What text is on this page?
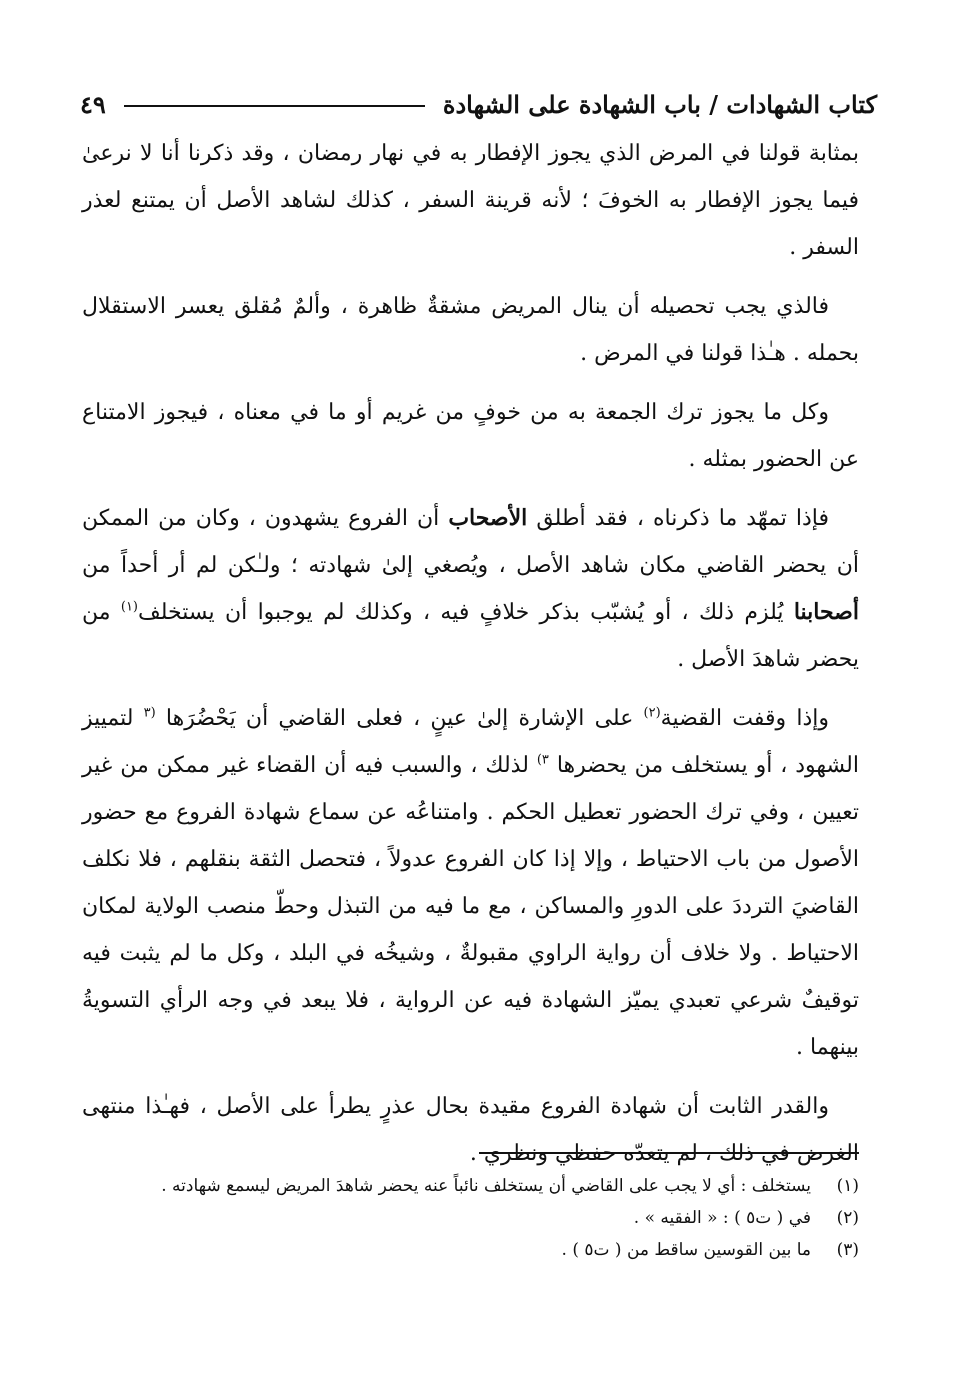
كتاب الشهادات / باب الشهادة على الشهادة
٤٩

بمثابة قولنا في المرض الذي يجوز الإفطار به في نهار رمضان ، وقد ذكرنا أنا لا نرعىٰ فيما يجوز الإفطار به الخوفَ ؛ لأنه قرينة السفر ، كذلك لشاهد الأصل أن يمتنع لعذر السفر .

فالذي يجب تحصيله أن ينال المريض مشقةٌ ظاهرة ، وألمٌ مُقلق يعسر الاستقلال بحمله . هـٰذا قولنا في المرض .

وكل ما يجوز ترك الجمعة به من خوفٍ من غريم أو ما في معناه ، فيجوز الامتناع عن الحضور بمثله .

فإذا تمهّد ما ذكرناه ، فقد أطلق الأصحاب أن الفروع يشهدون ، وكان من الممكن أن يحضر القاضي مكان شاهد الأصل ، ويُصغي إلىٰ شهادته ؛ ولـٰكن لم أر أحداً من أصحابنا يُلزم ذلك ، أو يُشبّب بذكر خلافٍ فيه ، وكذلك لم يوجبوا أن يستخلف$^{(١)}$ من يحضر شاهدَ الأصل .

وإذا وقفت القضية$^{(٢)}$ على الإشارة إلىٰ عينٍ ، فعلى القاضي أن يَحْضُرَها $^{(٣}$ لتمييز الشهود ، أو يستخلف من يحضرها $^{٣)}$ لذلك ، والسبب فيه أن القضاء غير ممكن من غير تعيين ، وفي ترك الحضور تعطيل الحكم . وامتناعُه عن سماع شهادة الفروع مع حضور الأصول من باب الاحتياط ، وإلا إذا كان الفروع عدولاً ، فتحصل الثقة بنقلهم ، فلا نكلف القاضيَ الترددَ على الدورِ والمساكن ، مع ما فيه من التبذل وحطّ منصب الولاية لمكان الاحتياط . ولا خلاف أن رواية الراوي مقبولةٌ ، وشيخُه في البلد ، وكل ما لم يثبت فيه توقيفٌ شرعي تعبدي يميّز الشهادة فيه عن الرواية ، فلا يبعد في وجه الرأي التسويةُ بينهما .

والقدر الثابت أن شهادة الفروع مقيدة بحال عذرٍ يطرأ على الأصل ، فهـٰذا منتهى الغرض في ذلك ، لم يتعدّه حفظي ونظري .

(١)
يستخلف : أي لا يجب على القاضي أن يستخلف نائباً عنه يحضر شاهدَ المريض ليسمع شهادته .
(٢)
في ( ت٥ ) : « الفقيه » .
(٣)
ما بين القوسين ساقط من ( ت٥ ) .
